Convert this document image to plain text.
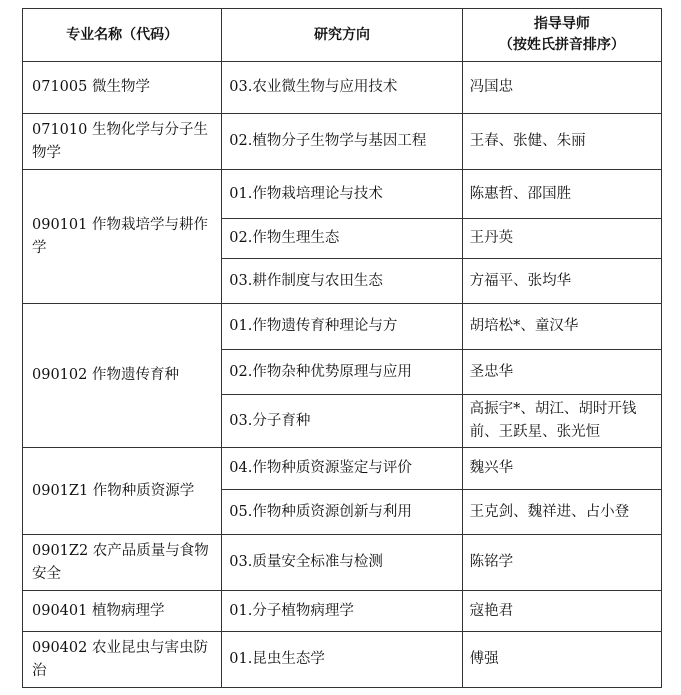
专业名称（代码）	研究方向	指导导师
（按姓氏拼音排序）

071005 微生物学	03.农业微生物与应用技术	冯国忠
071010 生物化学与分子生物学	02.植物分子生物学与基因工程	王春、张健、朱丽
090101 作物栽培学与耕作学	01.作物栽培理论与技术	陈惠哲、邵国胜
	02.作物生理生态	王丹英
	03.耕作制度与农田生态	方福平、张均华
090102 作物遗传育种	01.作物遗传育种理论与方	胡培松*、童汉华
	02.作物杂种优势原理与应用	圣忠华
	03.分子育种	高振宇*、胡江、胡时开钱前、王跃星、张光恒
0901Z1 作物种质资源学	04.作物种质资源鉴定与评价	魏兴华
	05.作物种质资源创新与利用	王克剑、魏祥进、占小登
0901Z2 农产品质量与食物安全	03.质量安全标准与检测	陈铭学
090401 植物病理学	01.分子植物病理学	寇艳君
090402 农业昆虫与害虫防治	01.昆虫生态学	傅强
